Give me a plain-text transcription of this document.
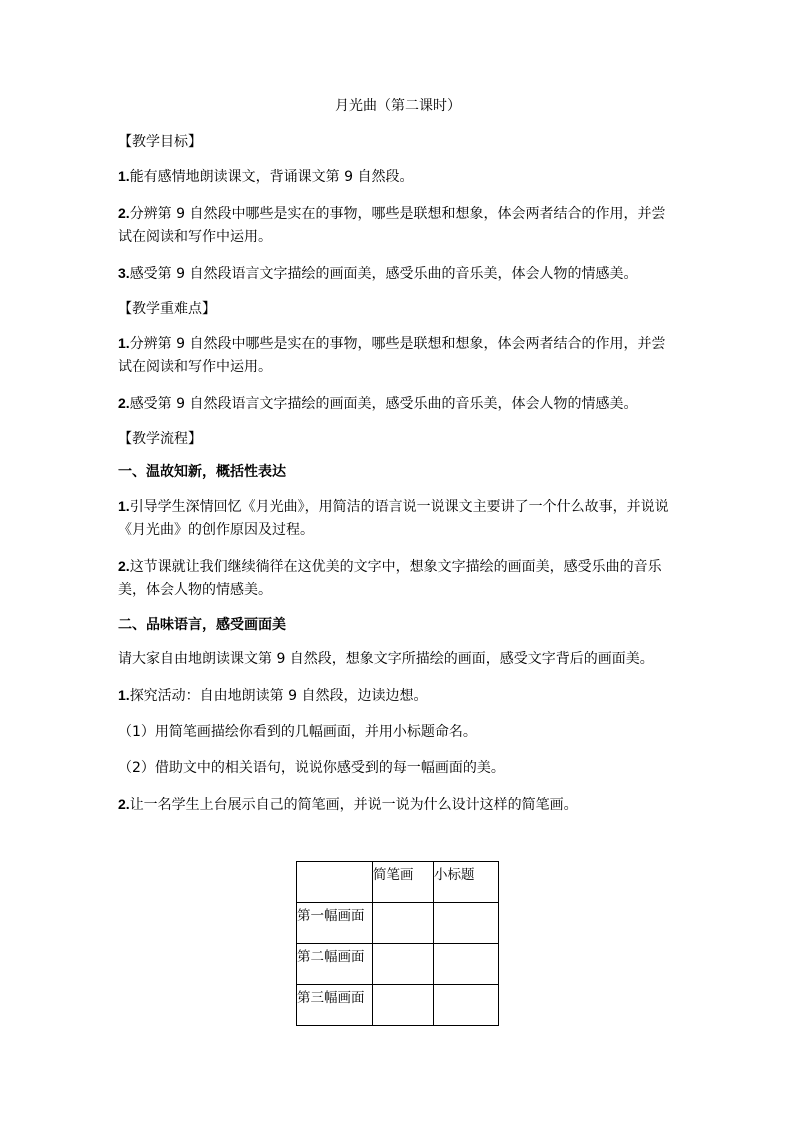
月光曲（第二课时）
【教学目标】
1.能有感情地朗读课文，背诵课文第 9 自然段。
2.分辨第 9 自然段中哪些是实在的事物，哪些是联想和想象，体会两者结合的作用，并尝试在阅读和写作中运用。
3.感受第 9 自然段语言文字描绘的画面美，感受乐曲的音乐美，体会人物的情感美。
【教学重难点】
1.分辨第 9 自然段中哪些是实在的事物，哪些是联想和想象，体会两者结合的作用，并尝试在阅读和写作中运用。
2.感受第 9 自然段语言文字描绘的画面美，感受乐曲的音乐美，体会人物的情感美。
【教学流程】
一、温故知新，概括性表达
1.引导学生深情回忆《月光曲》，用简洁的语言说一说课文主要讲了一个什么故事，并说说《月光曲》的创作原因及过程。
2.这节课就让我们继续徜徉在这优美的文字中，想象文字描绘的画面美，感受乐曲的音乐美，体会人物的情感美。
二、品味语言，感受画面美
请大家自由地朗读课文第 9 自然段，想象文字所描绘的画面，感受文字背后的画面美。
1.探究活动：自由地朗读第 9 自然段，边读边想。
（1）用简笔画描绘你看到的几幅画面，并用小标题命名。
（2）借助文中的相关语句，说说你感受到的每一幅画面的美。
2.让一名学生上台展示自己的简笔画，并说一说为什么设计这样的简笔画。
	简笔画	小标题
第一幅画面		
第二幅画面		
第三幅画面		
